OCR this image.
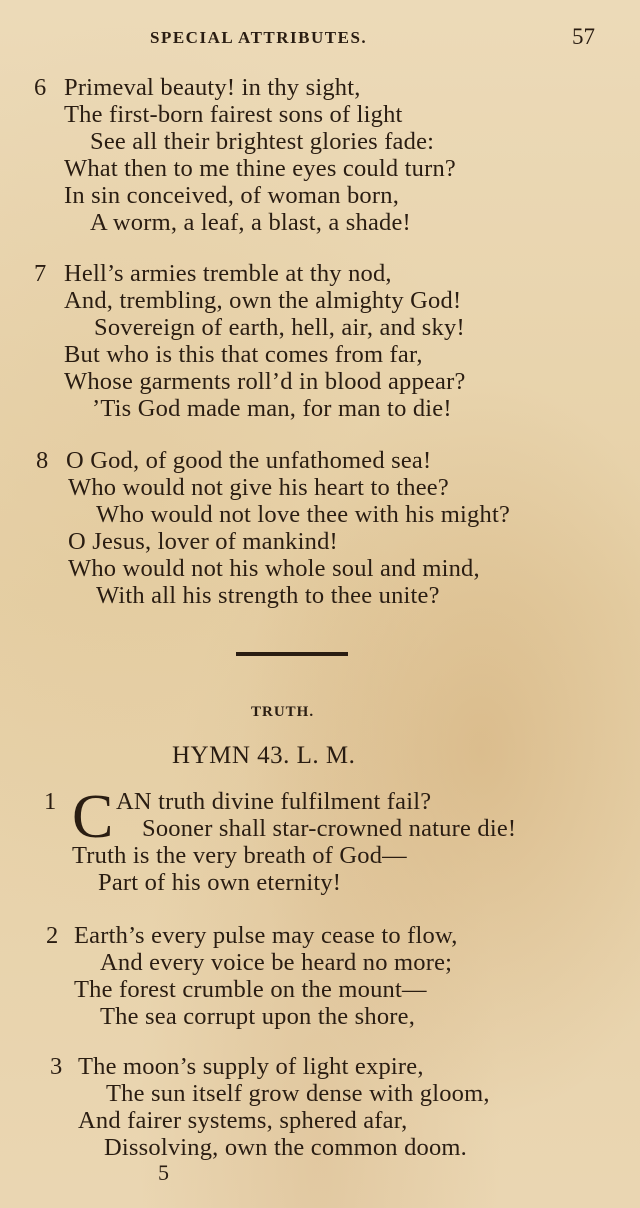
SPECIAL ATTRIBUTES.	57
6 Primeval beauty! in thy sight,
The first-born fairest sons of light
See all their brightest glories fade:
What then to me thine eyes could turn?
In sin conceived, of woman born,
A worm, a leaf, a blast, a shade!
7 Hell’s armies tremble at thy nod,
And, trembling, own the almighty God!
Sovereign of earth, hell, air, and sky!
But who is this that comes from far,
Whose garments roll’d in blood appear?
’Tis God made man, for man to die!
8 O God, of good the unfathomed sea!
Who would not give his heart to thee?
Who would not love thee with his might?
O Jesus, lover of mankind!
Who would not his whole soul and mind,
With all his strength to thee unite?
TRUTH.
HYMN 43. L. M.
1 C AN truth divine fulfilment fail?
Sooner shall star-crowned nature die!
Truth is the very breath of God—
Part of his own eternity!
2 Earth’s every pulse may cease to flow,
And every voice be heard no more;
The forest crumble on the mount—
The sea corrupt upon the shore,
3 The moon’s supply of light expire,
The sun itself grow dense with gloom,
And fairer systems, sphered afar,
Dissolving, own the common doom.
5
